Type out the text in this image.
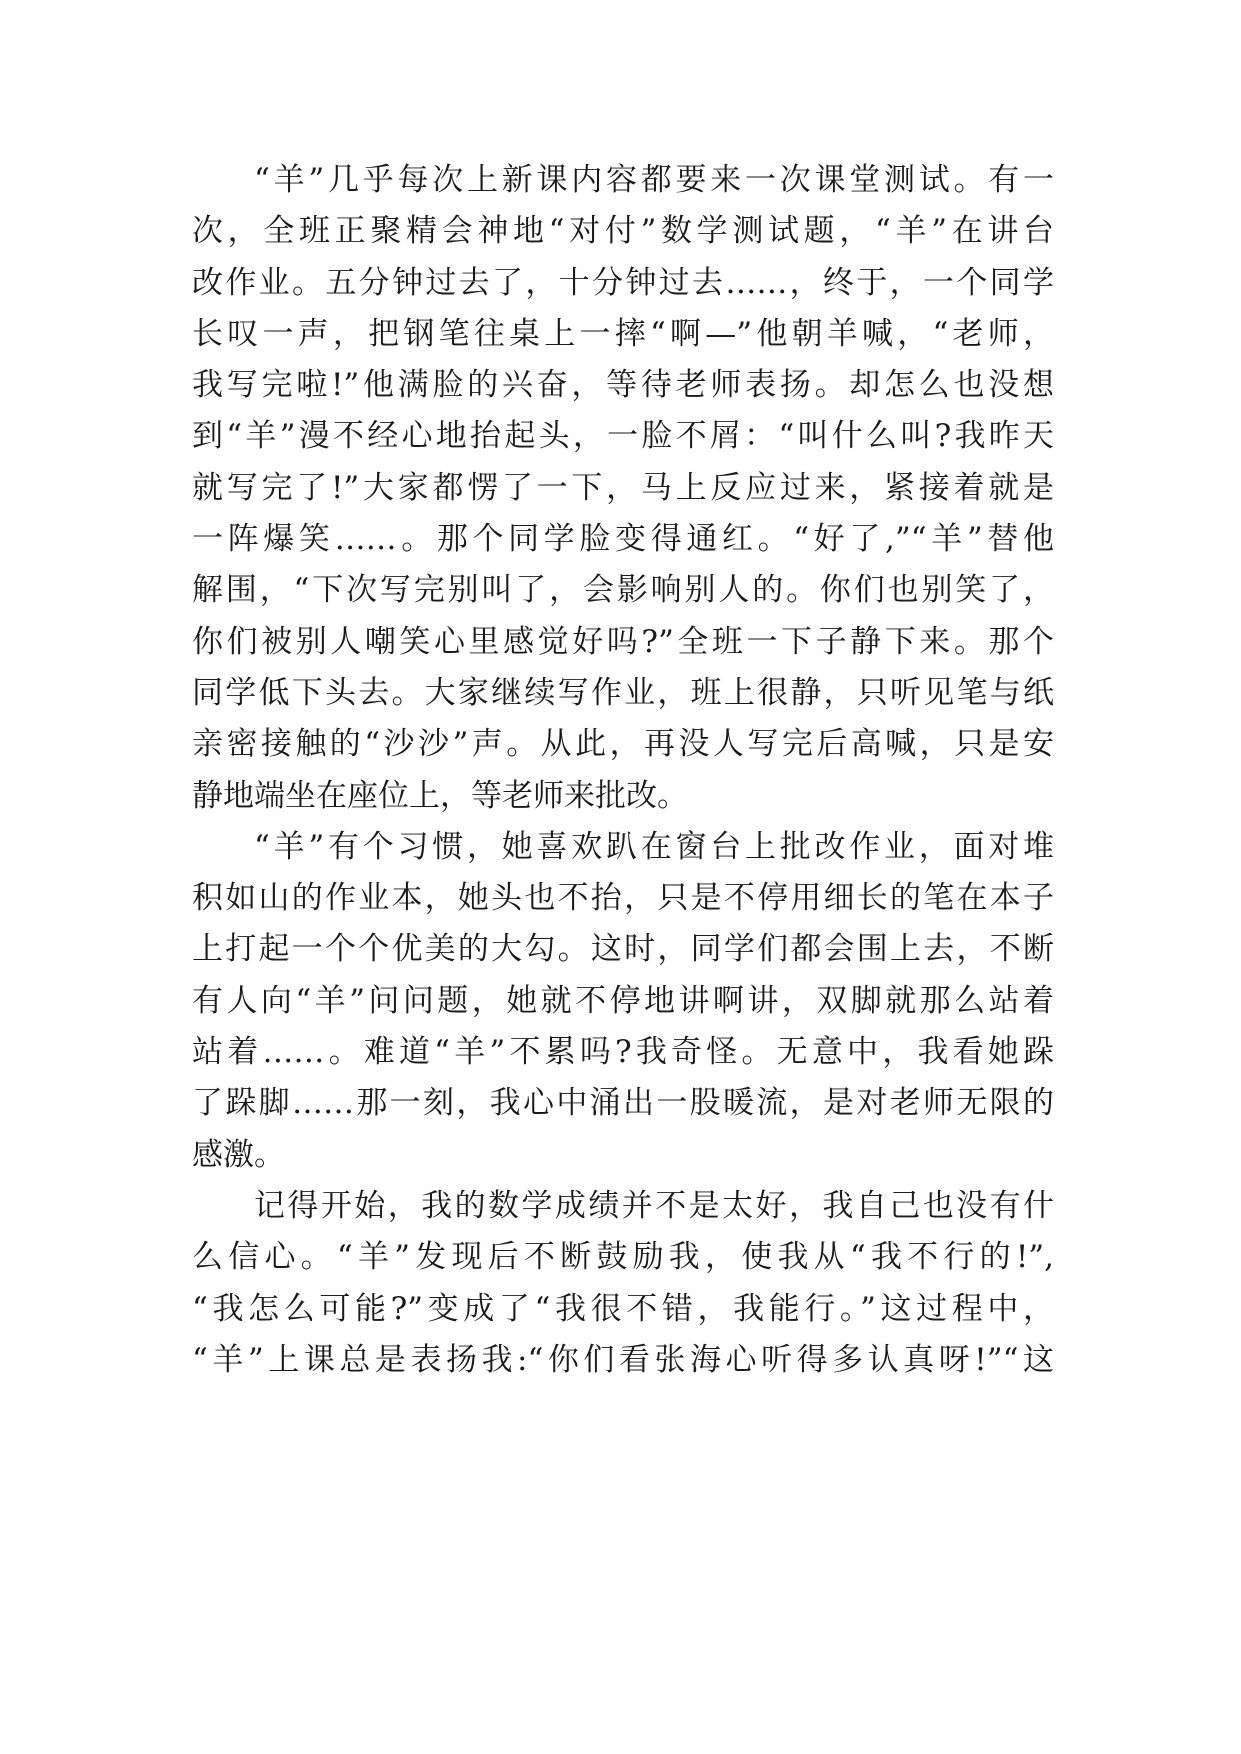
“羊”几乎每次上新课内容都要来一次课堂测试。有一
次，全班正聚精会神地“对付”数学测试题，“羊”在讲台
改作业。五分钟过去了，十分钟过去……，终于，一个同学
长叹一声，把钢笔往桌上一摔“啊—”他朝羊喊，“老师，
我写完啦!”他满脸的兴奋，等待老师表扬。却怎么也没想
到“羊”漫不经心地抬起头，一脸不屑：“叫什么叫?我昨天
就写完了!”大家都愣了一下，马上反应过来，紧接着就是
一阵爆笑……。那个同学脸变得通红。“好了,”“羊”替他
解围，“下次写完别叫了，会影响别人的。你们也别笑了，
你们被别人嘲笑心里感觉好吗?”全班一下子静下来。那个
同学低下头去。大家继续写作业，班上很静，只听见笔与纸
亲密接触的“沙沙”声。从此，再没人写完后高喊，只是安
静地端坐在座位上，等老师来批改。
“羊”有个习惯，她喜欢趴在窗台上批改作业，面对堆
积如山的作业本，她头也不抬，只是不停用细长的笔在本子
上打起一个个优美的大勾。这时，同学们都会围上去，不断
有人向“羊”问问题，她就不停地讲啊讲，双脚就那么站着
站着……。难道“羊”不累吗?我奇怪。无意中，我看她跺
了跺脚……那一刻，我心中涌出一股暖流，是对老师无限的
感激。
记得开始，我的数学成绩并不是太好，我自己也没有什
么信心。“羊”发现后不断鼓励我，使我从“我不行的!”,
“我怎么可能?”变成了“我很不错，我能行。”这过程中，
“羊”上课总是表扬我:“你们看张海心听得多认真呀!”“这
